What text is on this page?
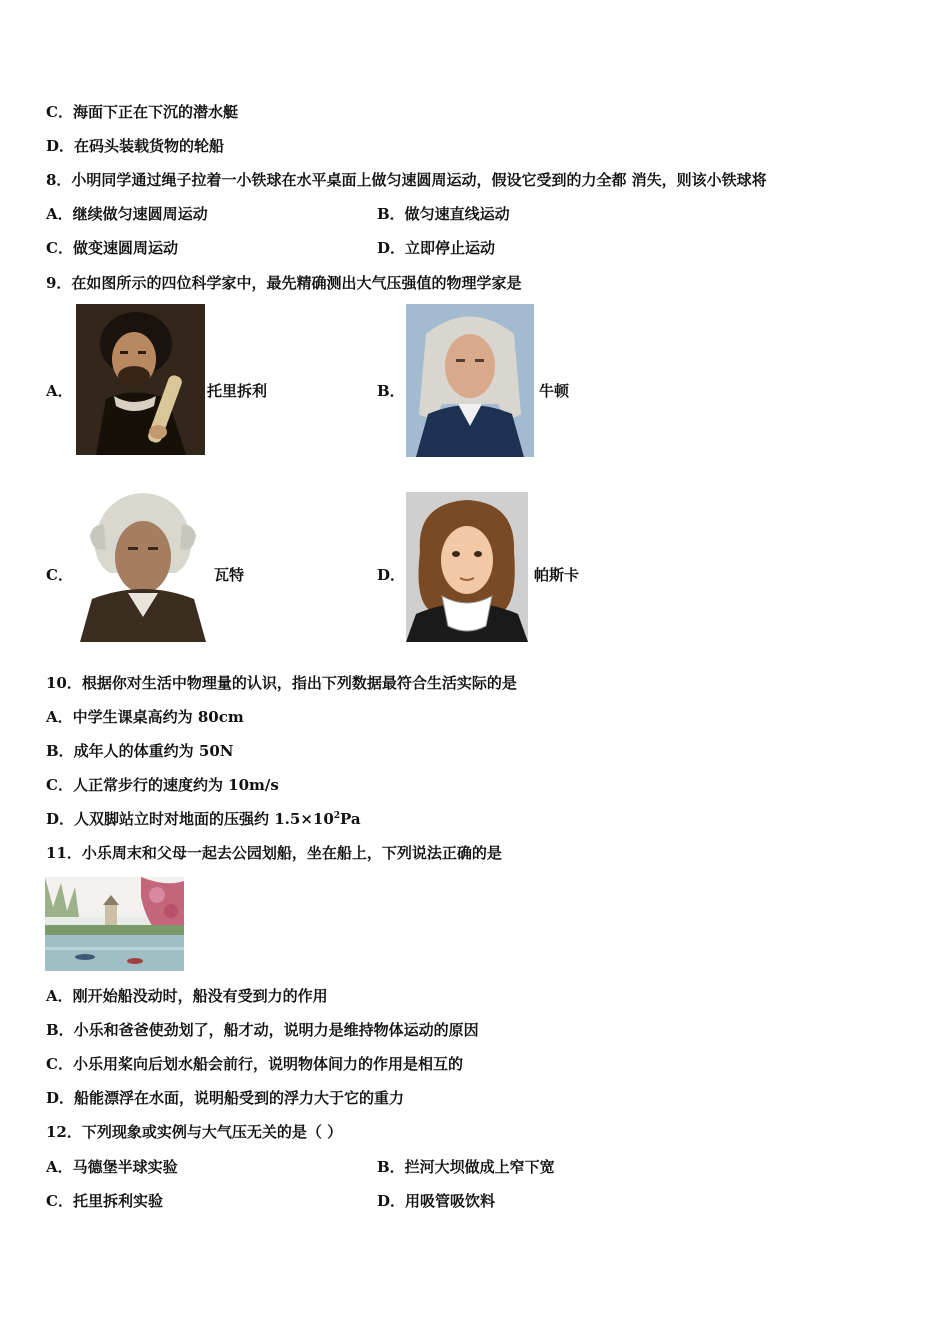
C．海面下正在下沉的潜水艇
D．在码头装载货物的轮船
8．小明同学通过绳子拉着一小铁球在水平桌面上做匀速圆周运动，假设它受到的力全都 消失，则该小铁球将
A．继续做匀速圆周运动	B．做匀速直线运动
C．做变速圆周运动	D．立即停止运动
9．在如图所示的四位科学家中，最先精确测出大气压强值的物理学家是
A．	托里拆利	B．	牛顿
C．	瓦特	D．	帕斯卡
10．根据你对生活中物理量的认识，指出下列数据最符合生活实际的是
A．中学生课桌高约为 80cm
B．成年人的体重约为 50N
C．人正常步行的速度约为 10m/s
D．人双脚站立时对地面的压强约 $1.5\times 10^2Pa$
11．小乐周末和父母一起去公园划船，坐在船上，下列说法正确的是
A．刚开始船没动时，船没有受到力的作用
B．小乐和爸爸使劲划了，船才动，说明力是维持物体运动的原因
C．小乐用桨向后划水船会前行，说明物体间力的作用是相互的
D．船能漂浮在水面，说明船受到的浮力大于它的重力
12．下列现象或实例与大气压无关的是（ ）
A．马德堡半球实验	B．拦河大坝做成上窄下宽
C．托里拆利实验	D．用吸管吸饮料
